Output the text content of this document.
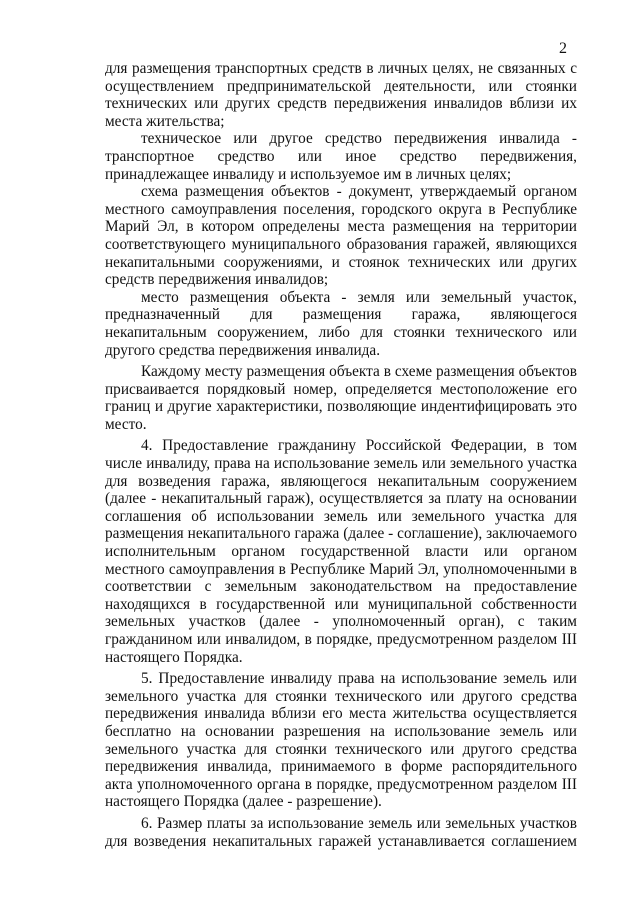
2

для размещения транспортных средств в личных целях, не связанных с осуществлением предпринимательской деятельности, или стоянки технических или других средств передвижения инвалидов вблизи их места жительства;

техническое или другое средство передвижения инвалида - транспортное средство или иное средство передвижения, принадлежащее инвалиду и используемое им в личных целях;

схема размещения объектов - документ, утверждаемый органом местного самоуправления поселения, городского округа в Республике Марий Эл, в котором определены места размещения на территории соответствующего муниципального образования гаражей, являющихся некапитальными сооружениями, и стоянок технических или других средств передвижения инвалидов;

место размещения объекта - земля или земельный участок, предназначенный для размещения гаража, являющегося некапитальным сооружением, либо для стоянки технического или другого средства передвижения инвалида.

Каждому месту размещения объекта в схеме размещения объектов присваивается порядковый номер, определяется местоположение его границ и другие характеристики, позволяющие индентифицировать это место.

4. Предоставление гражданину Российской Федерации, в том числе инвалиду, права на использование земель или земельного участка для возведения гаража, являющегося некапитальным сооружением (далее - некапитальный гараж), осуществляется за плату на основании соглашения об использовании земель или земельного участка для размещения некапитального гаража (далее - соглашение), заключаемого исполнительным органом государственной власти или органом местного самоуправления в Республике Марий Эл, уполномоченными в соответствии с земельным законодательством на предоставление находящихся в государственной или муниципальной собственности земельных участков (далее - уполномоченный орган), с таким гражданином или инвалидом, в порядке, предусмотренном разделом III настоящего Порядка.

5. Предоставление инвалиду права на использование земель или земельного участка для стоянки технического или другого средства передвижения инвалида вблизи его места жительства осуществляется бесплатно на основании разрешения на использование земель или земельного участка для стоянки технического или другого средства передвижения инвалида, принимаемого в форме распорядительного акта уполномоченного органа в порядке, предусмотренном разделом III настоящего Порядка (далее - разрешение).

6. Размер платы за использование земель или земельных участков для возведения некапитальных гаражей устанавливается соглашением
